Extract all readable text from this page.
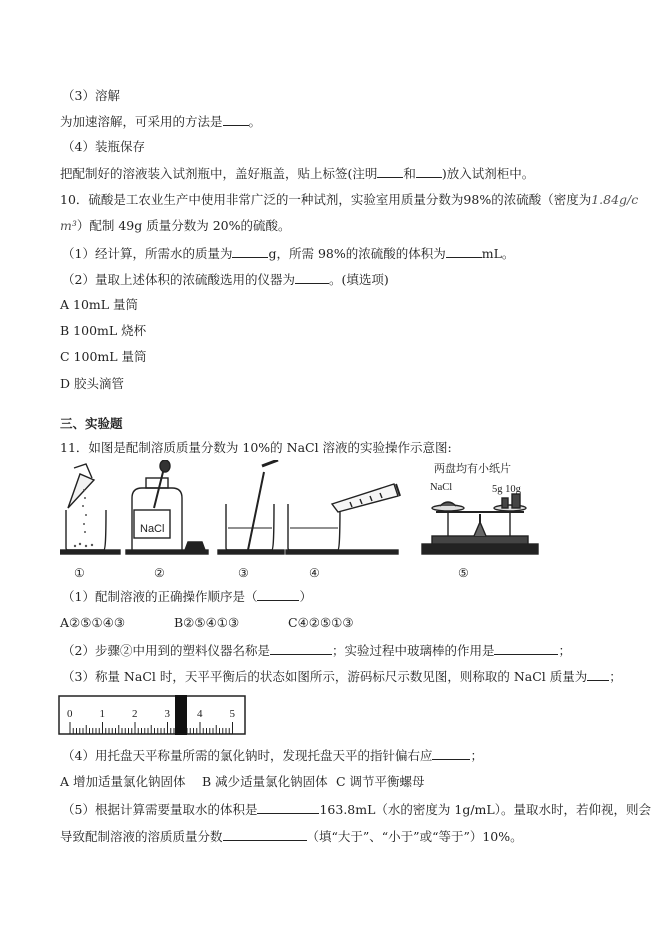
（3）溶解
为加速溶解，可采用的方法是 。
（4）装瓶保存
把配制好的溶液装入试剂瓶中，盖好瓶盖，贴上标签(注明 和 )放入试剂柜中。
10．硫酸是工农业生产中使用非常广泛的一种试剂，实验室用质量分数为98%的浓硫酸（密度为1.84g/c
m³）配制 49g 质量分数为 20%的硫酸。
（1）经计算，所需水的质量为	g，所需 98%的浓硫酸的体积为	mL。
（2）量取上述体积的浓硫酸选用的仪器为	。(填选项)
A 10mL 量筒
B 100mL 烧杯
C 100mL 量筒
D 胶头滴管
三、实验题
11．如图是配制溶质质量分数为 10%的 NaCl 溶液的实验操作示意图:
NaCl
两盘均有小纸片
NaCl	5g 10g
①	②	③	④	⑤
（1）配制溶液的正确操作顺序是（	）
A②⑤①④③	B②⑤④①③	C④②⑤①③
（2）步骤②中用到的塑料仪器名称是	；实验过程中玻璃棒的作用是	；
（3）称量 NaCl 时，天平平衡后的状态如图所示，游码标尺示数见图，则称取的 NaCl 质量为 ；
0 1 2 3 4 5
（4）用托盘天平称量所需的氯化钠时，发现托盘天平的指针偏右应	；
A 增加适量氯化钠固体 B 减少适量氯化钠固体 C 调节平衡螺母
（5）根据计算需要量取水的体积是	163.8mL（水的密度为 1g/mL）。量取水时，若仰视，则会
导致配制溶液的溶质质量分数	（填“大于”、“小于”或“等于”）10%。
